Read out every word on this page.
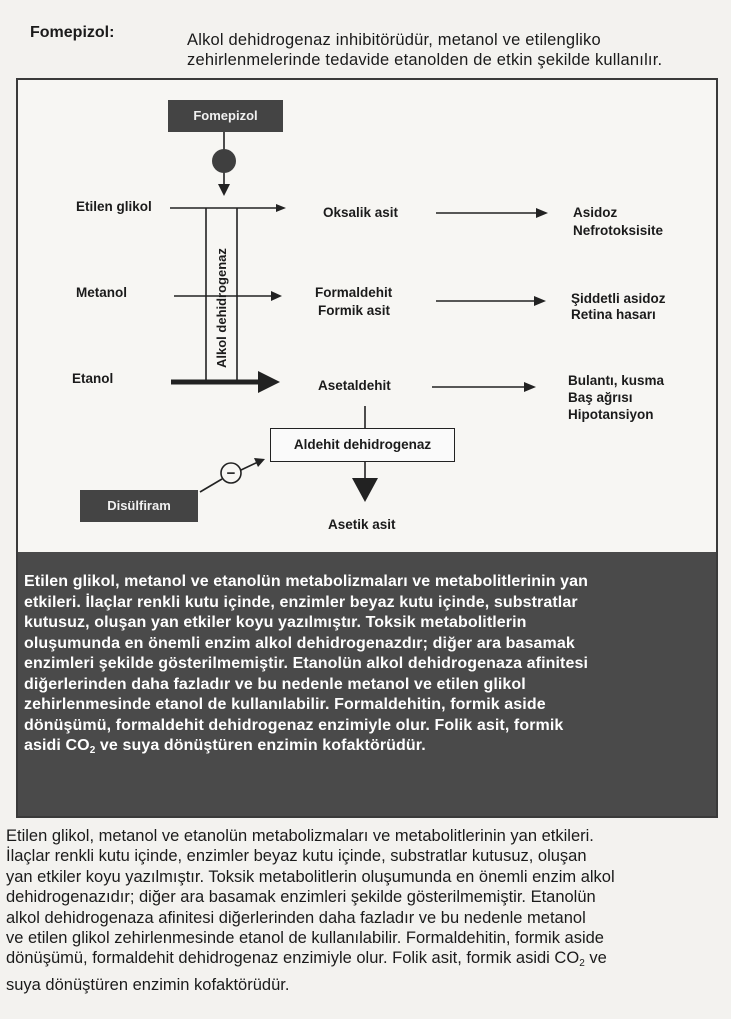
Fomepizol:	Alkol dehidrogenaz inhibitörüdür, metanol ve etilengliko
zehirlenmelerinde tedavide etanolden de etkin şekilde kullanılır.
−
Fomepizol
Disülfiram
Alkol dehidrogenaz
Aldehit dehidrogenaz
Etilen glikol
Metanol
Etanol
Oksalik asit
Formaldehit
Formik asit
Asetaldehit
Asetik asit
Asidoz
Nefrotoksisite
Şiddetli asidoz
Retina hasarı
Bulantı, kusma
Baş ağrısı
Hipotansiyon
Etilen glikol, metanol ve etanolün metabolizmaları ve metabolitlerinin yan
etkileri. İlaçlar renkli kutu içinde, enzimler beyaz kutu içinde, substratlar
kutusuz, oluşan yan etkiler koyu yazılmıştır. Toksik metabolitlerin
oluşumunda en önemli enzim alkol dehidrogenazdır; diğer ara basamak
enzimleri şekilde gösterilmemiştir. Etanolün alkol dehidrogenaza afinitesi
diğerlerinden daha fazladır ve bu nedenle metanol ve etilen glikol
zehirlenmesinde etanol de kullanılabilir. Formaldehitin, formik aside
dönüşümü, formaldehit dehidrogenaz enzimiyle olur. Folik asit, formik
asidi $CO_2$ ve suya dönüştüren enzimin kofaktörüdür.
Etilen glikol, metanol ve etanolün metabolizmaları ve metabolitlerinin yan etkileri.
İlaçlar renkli kutu içinde, enzimler beyaz kutu içinde, substratlar kutusuz, oluşan
yan etkiler koyu yazılmıştır. Toksik metabolitlerin oluşumunda en önemli enzim alkol
dehidrogenazıdır; diğer ara basamak enzimleri şekilde gösterilmemiştir. Etanolün
alkol dehidrogenaza afinitesi diğerlerinden daha fazladır ve bu nedenle metanol
ve etilen glikol zehirlenmesinde etanol de kullanılabilir. Formaldehitin, formik aside
dönüşümü, formaldehit dehidrogenaz enzimiyle olur. Folik asit, formik asidi $CO_2$ ve
suya dönüştüren enzimin kofaktörüdür.
